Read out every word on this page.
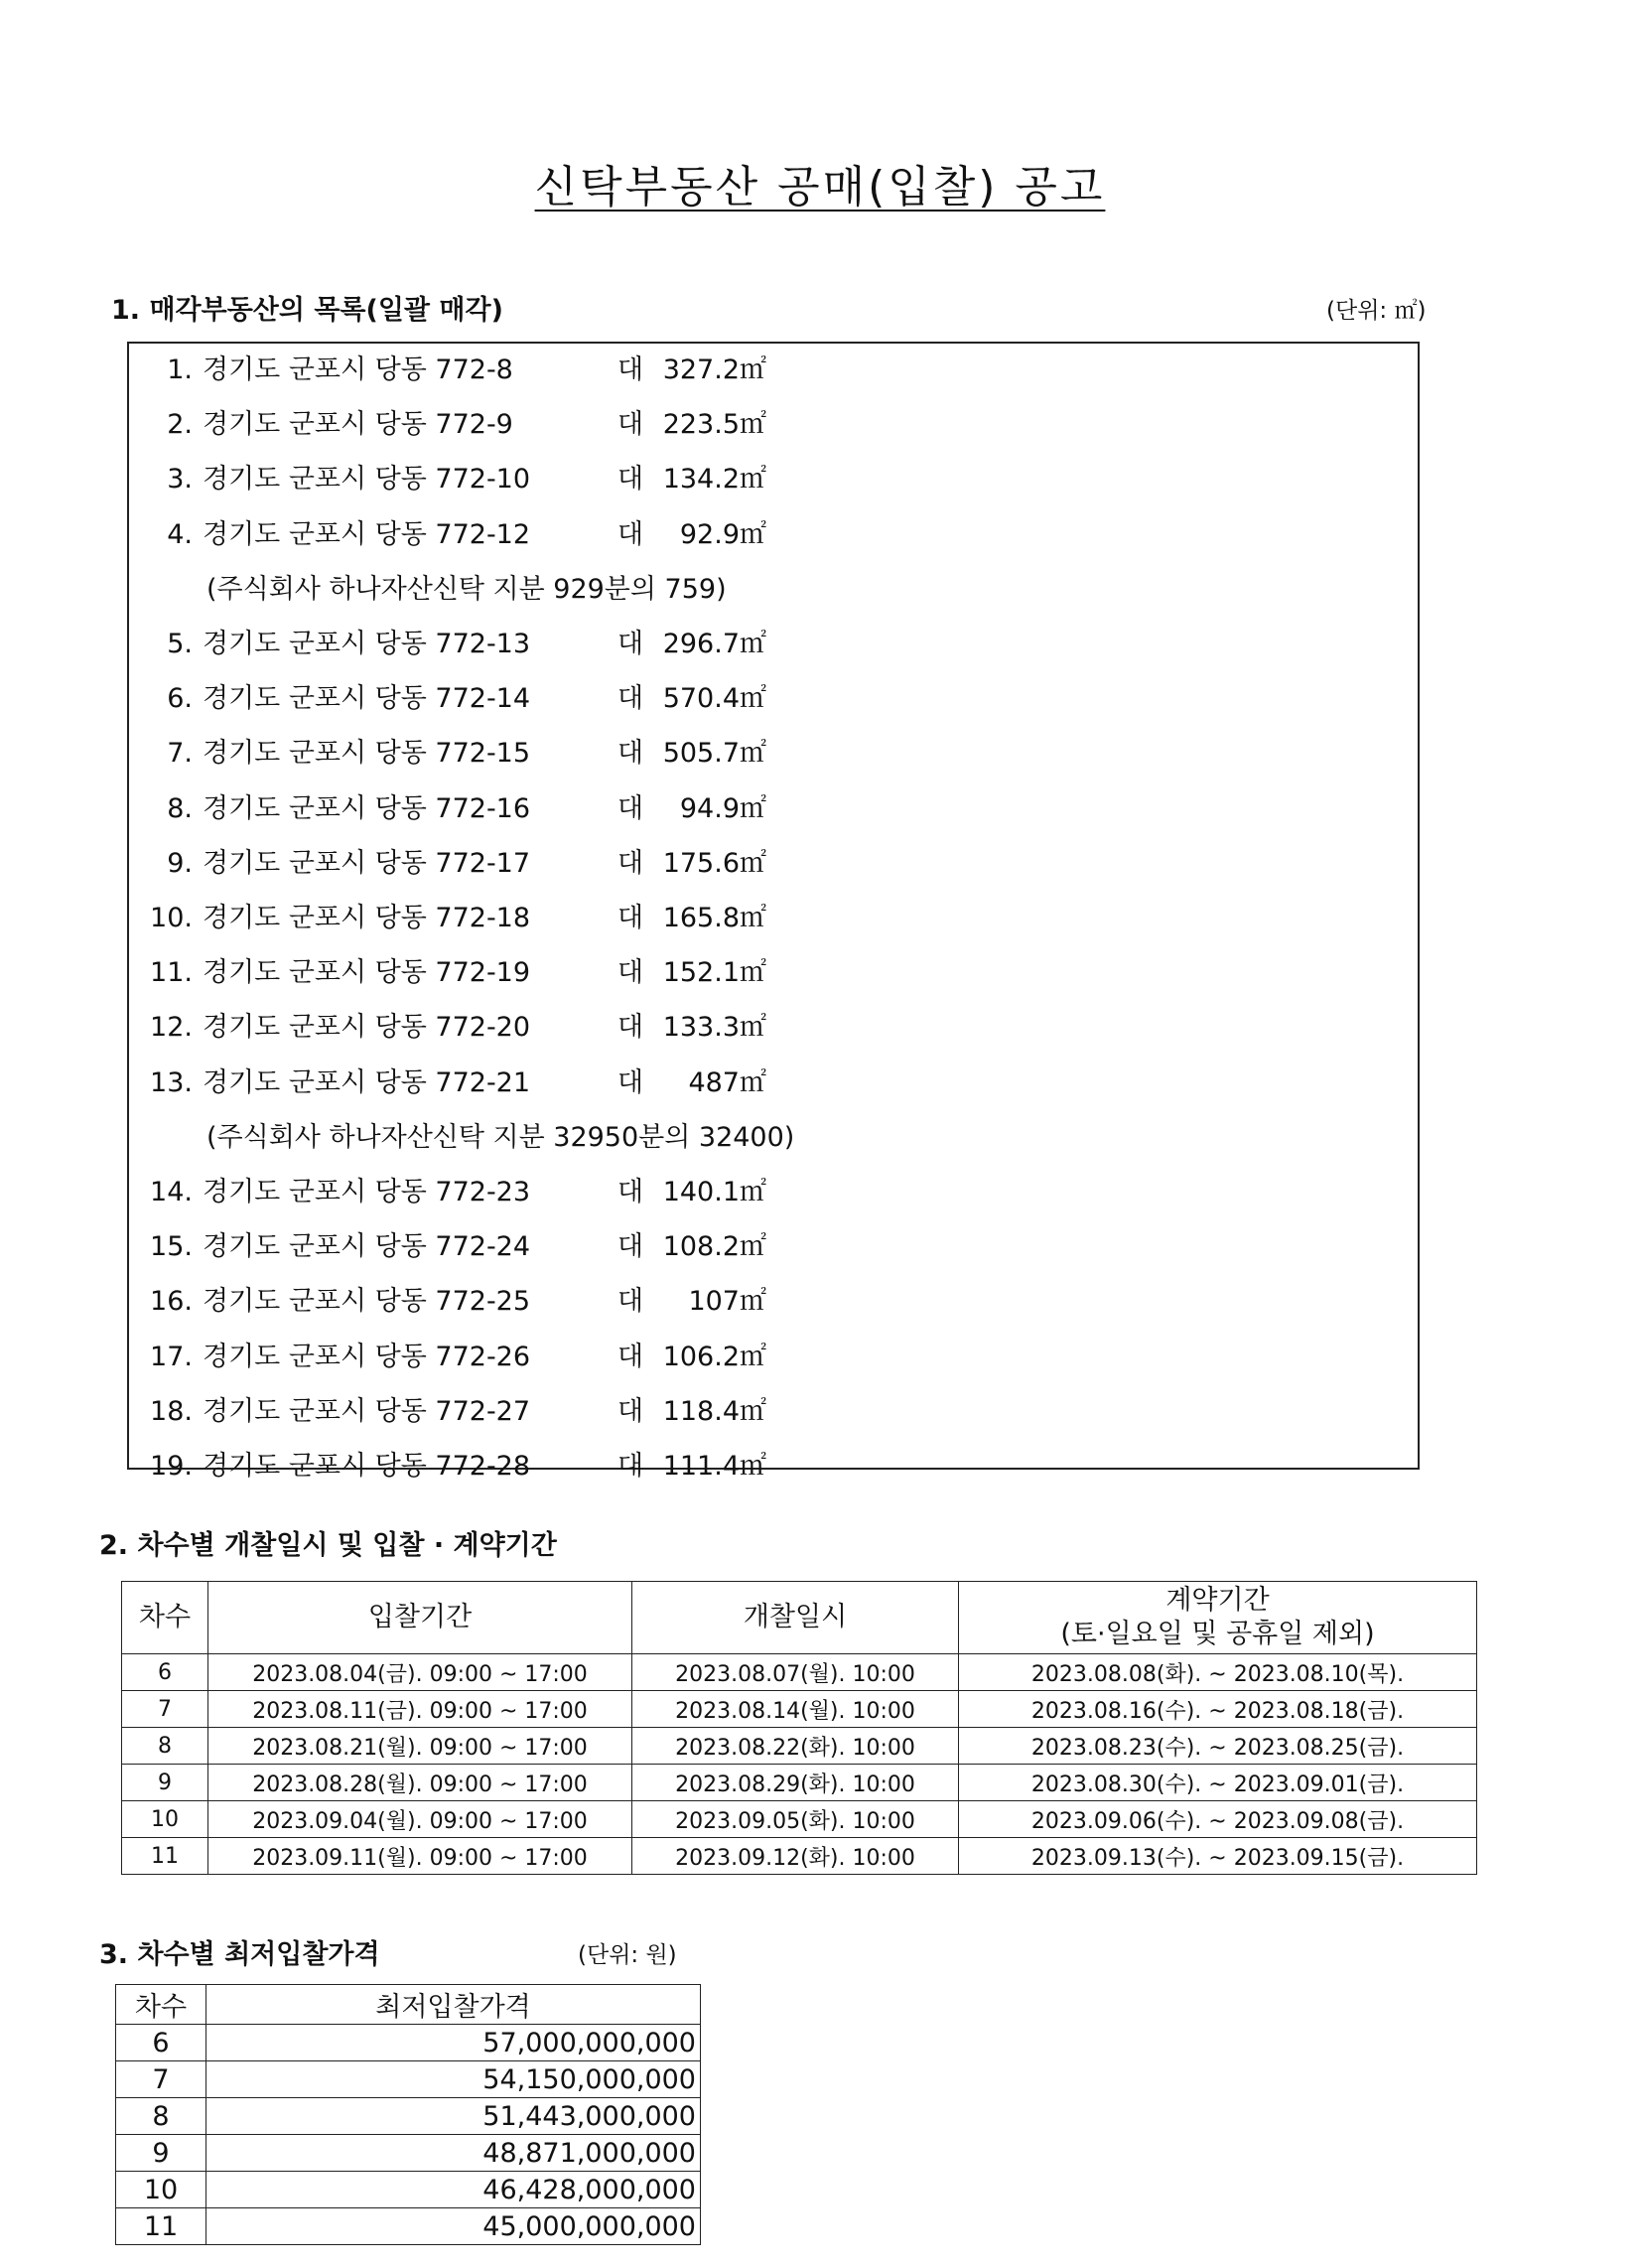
신탁부동산 공매(입찰) 공고
1. 매각부동산의 목록(일괄 매각)	(단위: ㎡)
1. 경기도 군포시 당동 772-8	대 327.2㎡
2. 경기도 군포시 당동 772-9	대 223.5㎡
3. 경기도 군포시 당동 772-10	대 134.2㎡
4. 경기도 군포시 당동 772-12	대 92.9㎡
(주식회사 하나자산신탁 지분 929분의 759)
5. 경기도 군포시 당동 772-13	대 296.7㎡
6. 경기도 군포시 당동 772-14	대 570.4㎡
7. 경기도 군포시 당동 772-15	대 505.7㎡
8. 경기도 군포시 당동 772-16	대 94.9㎡
9. 경기도 군포시 당동 772-17	대 175.6㎡
10. 경기도 군포시 당동 772-18	대 165.8㎡
11. 경기도 군포시 당동 772-19	대 152.1㎡
12. 경기도 군포시 당동 772-20	대 133.3㎡
13. 경기도 군포시 당동 772-21	대 487㎡
(주식회사 하나자산신탁 지분 32950분의 32400)
14. 경기도 군포시 당동 772-23	대 140.1㎡
15. 경기도 군포시 당동 772-24	대 108.2㎡
16. 경기도 군포시 당동 772-25	대 107㎡
17. 경기도 군포시 당동 772-26	대 106.2㎡
18. 경기도 군포시 당동 772-27	대 118.4㎡
19. 경기도 군포시 당동 772-28	대 111.4㎡
2. 차수별 개찰일시 및 입찰 · 계약기간
차수	입찰기간	개찰일시	계약기간
(토·일요일 및 공휴일 제외)

6	2023.08.04(금). 09:00 ~ 17:00	2023.08.07(월). 10:00	2023.08.08(화). ~ 2023.08.10(목).
7	2023.08.11(금). 09:00 ~ 17:00	2023.08.14(월). 10:00	2023.08.16(수). ~ 2023.08.18(금).
8	2023.08.21(월). 09:00 ~ 17:00	2023.08.22(화). 10:00	2023.08.23(수). ~ 2023.08.25(금).
9	2023.08.28(월). 09:00 ~ 17:00	2023.08.29(화). 10:00	2023.08.30(수). ~ 2023.09.01(금).
10	2023.09.04(월). 09:00 ~ 17:00	2023.09.05(화). 10:00	2023.09.06(수). ~ 2023.09.08(금).
11	2023.09.11(월). 09:00 ~ 17:00	2023.09.12(화). 10:00	2023.09.13(수). ~ 2023.09.15(금).
3. 차수별 최저입찰가격	(단위: 원)
차수	최저입찰가격
6	57,000,000,000
7	54,150,000,000
8	51,443,000,000
9	48,871,000,000
10	46,428,000,000
11	45,000,000,000
